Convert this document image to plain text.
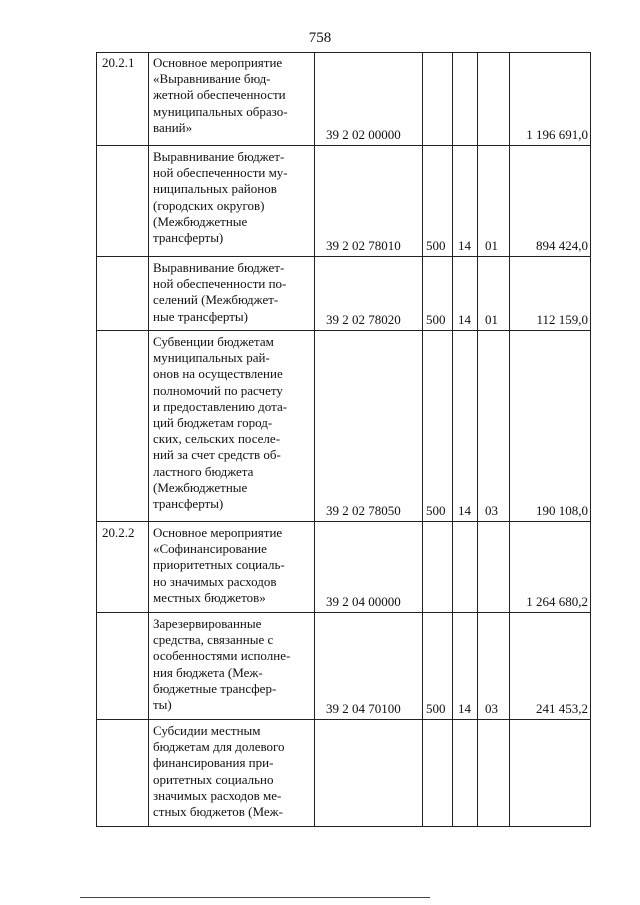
758
20.2.1 Основное мероприятие
«Выравнивание бюд-
жетной обеспеченности
муниципальных образо-
ваний»	39 2 02 00000	1 196 691,0
Выравнивание бюджет-
ной обеспеченности му-
ниципальных районов
(городских округов)
(Межбюджетные
трансферты)
39 2 02 78010 500 14 01	894 424,0
Выравнивание бюджет-
ной обеспеченности по-
селений (Межбюджет-
ные трансферты)	39 2 02 78020 500 14 01	112 159,0
Субвенции бюджетам
муниципальных рай-
онов на осуществление
полномочий по расчету
и предоставлению дота-
ций бюджетам город-
ских, сельских поселе-
ний за счет средств об-
ластного бюджета
(Межбюджетные
трансферты)	39 2 02 78050 500 14 03	190 108,0
20.2.2 Основное мероприятие
«Софинансирование
приоритетных социаль-
но значимых расходов
местных бюджетов»	39 2 04 00000	1 264 680,2
Зарезервированные
средства, связанные с
особенностями исполне-
ния бюджета (Меж-
бюджетные трансфер-
ты)	39 2 04 70100 500 14 03	241 453,2
Субсидии местным
бюджетам для долевого
финансирования при-
оритетных социально
значимых расходов ме-
стных бюджетов (Меж-
